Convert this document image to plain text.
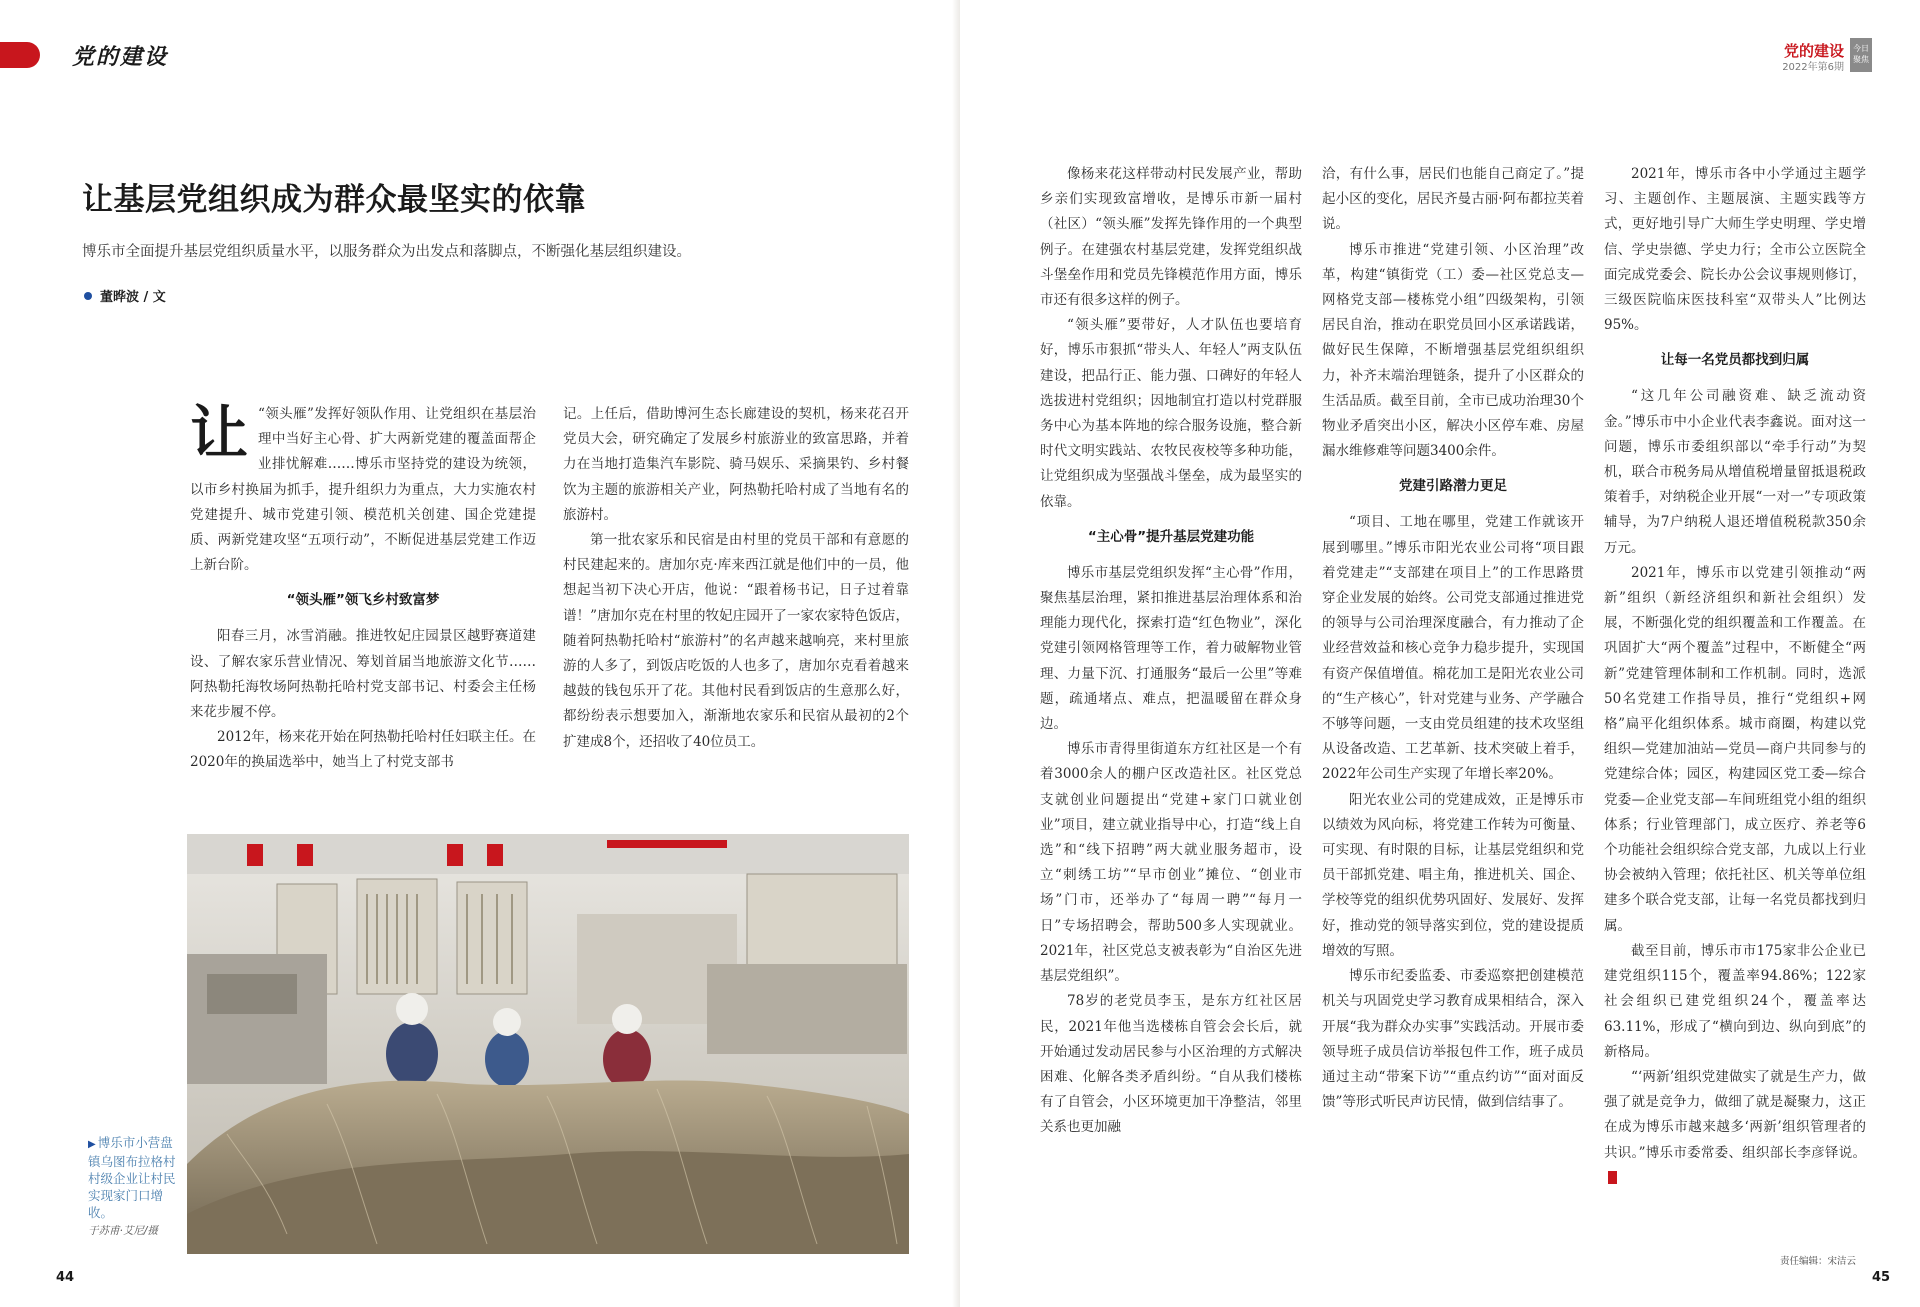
党的建设
让基层党组织成为群众最坚实的依靠
博乐市全面提升基层党组织质量水平，以服务群众为出发点和落脚点，不断强化基层组织建设。
董晔波 / 文
让 “领头雁”发挥好领队作用、让党组织在基层治理中当好主心骨、扩大两新党建的覆盖面帮企业排忧解难……博乐市坚持党的建设为统领，以市乡村换届为抓手，提升组织力为重点，大力实施农村党建提升、城市党建引领、模范机关创建、国企党建提质、两新党建攻坚“五项行动”，不断促进基层党建工作迈上新台阶。

“领头雁”领飞乡村致富梦

阳春三月，冰雪消融。推进牧妃庄园景区越野赛道建设、了解农家乐营业情况、筹划首届当地旅游文化节……阿热勒托海牧场阿热勒托哈村党支部书记、村委会主任杨来花步履不停。

2012年，杨来花开始在阿热勒托哈村任妇联主任。在2020年的换届选举中，她当上了村党支部书

记。上任后，借助博河生态长廊建设的契机，杨来花召开党员大会，研究确定了发展乡村旅游业的致富思路，并着力在当地打造集汽车影院、骑马娱乐、采摘果钓、乡村餐饮为主题的旅游相关产业，阿热勒托哈村成了当地有名的旅游村。

第一批农家乐和民宿是由村里的党员干部和有意愿的村民建起来的。唐加尔克·库来西江就是他们中的一员，他想起当初下决心开店，他说：“跟着杨书记，日子过着靠谱！”唐加尔克在村里的牧妃庄园开了一家农家特色饭店，随着阿热勒托哈村“旅游村”的名声越来越响亮，来村里旅游的人多了，到饭店吃饭的人也多了，唐加尔克看着越来越鼓的钱包乐开了花。其他村民看到饭店的生意那么好，都纷纷表示想要加入，渐渐地农家乐和民宿从最初的2个扩建成8个，还招收了40位员工。

▶ 博乐市小营盘镇乌图布拉格村村级企业让村民实现家门口增收。
于苏甫·艾尼/摄
44
党的建设
2022年第6期
今日聚焦
45

像杨来花这样带动村民发展产业，帮助乡亲们实现致富增收，是博乐市新一届村（社区）“领头雁”发挥先锋作用的一个典型例子。在建强农村基层党建，发挥党组织战斗堡垒作用和党员先锋模范作用方面，博乐市还有很多这样的例子。

“领头雁”要带好，人才队伍也要培育好，博乐市狠抓“带头人、年轻人”两支队伍建设，把品行正、能力强、口碑好的年轻人选拔进村党组织；因地制宜打造以村党群服务中心为基本阵地的综合服务设施，整合新时代文明实践站、农牧民夜校等多种功能，让党组织成为坚强战斗堡垒，成为最坚实的依靠。

“主心骨”提升基层党建功能

博乐市基层党组织发挥“主心骨”作用，聚焦基层治理，紧扣推进基层治理体系和治理能力现代化，探索打造“红色物业”，深化党建引领网格管理等工作，着力破解物业管理、力量下沉、打通服务“最后一公里”等难题，疏通堵点、难点，把温暖留在群众身边。

博乐市青得里街道东方红社区是一个有着3000余人的棚户区改造社区。社区党总支就创业问题提出“党建+家门口就业创业”项目，建立就业指导中心，打造“线上自选”和“线下招聘”两大就业服务超市，设立“刺绣工坊”“早市创业”摊位、“创业市场”门市，还举办了“每周一聘”“每月一日”专场招聘会，帮助500多人实现就业。2021年，社区党总支被表彰为“自治区先进基层党组织”。

78岁的老党员李玉，是东方红社区居民，2021年他当选楼栋自管会会长后，就开始通过发动居民参与小区治理的方式解决困难、化解各类矛盾纠纷。“自从我们楼栋有了自管会，小区环境更加干净整洁，邻里关系也更加融

洽，有什么事，居民们也能自己商定了。”提起小区的变化，居民齐曼古丽·阿布都拉芙着说。

博乐市推进“党建引领、小区治理”改革，构建“镇街党（工）委—社区党总支—网格党支部—楼栋党小组”四级架构，引领居民自治，推动在职党员回小区承诺践诺，做好民生保障，不断增强基层党组织组织力，补齐末端治理链条，提升了小区群众的生活品质。截至目前，全市已成功治理30个物业矛盾突出小区，解决小区停车难、房屋漏水维修难等问题3400余件。

党建引路潜力更足

“项目、工地在哪里，党建工作就该开展到哪里。”博乐市阳光农业公司将“项目跟着党建走”“支部建在项目上”的工作思路贯穿企业发展的始终。公司党支部通过推进党的领导与公司治理深度融合，有力推动了企业经营效益和核心竞争力稳步提升，实现国有资产保值增值。棉花加工是阳光农业公司的“生产核心”，针对党建与业务、产学融合不够等问题，一支由党员组建的技术攻坚组从设备改造、工艺革新、技术突破上着手，2022年公司生产实现了年增长率20%。

阳光农业公司的党建成效，正是博乐市以绩效为风向标，将党建工作转为可衡量、可实现、有时限的目标，让基层党组织和党员干部抓党建、唱主角，推进机关、国企、学校等党的组织优势巩固好、发展好、发挥好，推动党的领导落实到位，党的建设提质增效的写照。

博乐市纪委监委、市委巡察把创建模范机关与巩固党史学习教育成果相结合，深入开展“我为群众办实事”实践活动。开展市委领导班子成员信访举报包件工作，班子成员通过主动“带案下访”“重点约访”“面对面反馈”等形式听民声访民情，做到信结事了。

2021年，博乐市各中小学通过主题学习、主题创作、主题展演、主题实践等方式，更好地引导广大师生学史明理、学史增信、学史崇德、学史力行；全市公立医院全面完成党委会、院长办公会议事规则修订，三级医院临床医技科室“双带头人”比例达95%。

让每一名党员都找到归属

“这几年公司融资难、缺乏流动资金。”博乐市中小企业代表李鑫说。面对这一问题，博乐市委组织部以“牵手行动”为契机，联合市税务局从增值税增量留抵退税政策着手，对纳税企业开展“一对一”专项政策辅导，为7户纳税人退还增值税税款350余万元。

2021年，博乐市以党建引领推动“两新”组织（新经济组织和新社会组织）发展，不断强化党的组织覆盖和工作覆盖。在巩固扩大“两个覆盖”过程中，不断健全“两新”党建管理体制和工作机制。同时，选派50名党建工作指导员，推行“党组织+网格”扁平化组织体系。城市商圈，构建以党组织—党建加油站—党员—商户共同参与的党建综合体；园区，构建园区党工委—综合党委—企业党支部—车间班组党小组的组织体系；行业管理部门，成立医疗、养老等6个功能社会组织综合党支部，九成以上行业协会被纳入管理；依托社区、机关等单位组建多个联合党支部，让每一名党员都找到归属。

截至目前，博乐市市175家非公企业已建党组织115个，覆盖率94.86%；122家社会组织已建党组织24个，覆盖率达63.11%，形成了“横向到边、纵向到底”的新格局。

“‘两新’组织党建做实了就是生产力，做强了就是竞争力，做细了就是凝聚力，这正在成为博乐市越来越多‘两新’组织管理者的共识。”博乐市委常委、组织部长李彦铎说。

责任编辑：宋洁云
